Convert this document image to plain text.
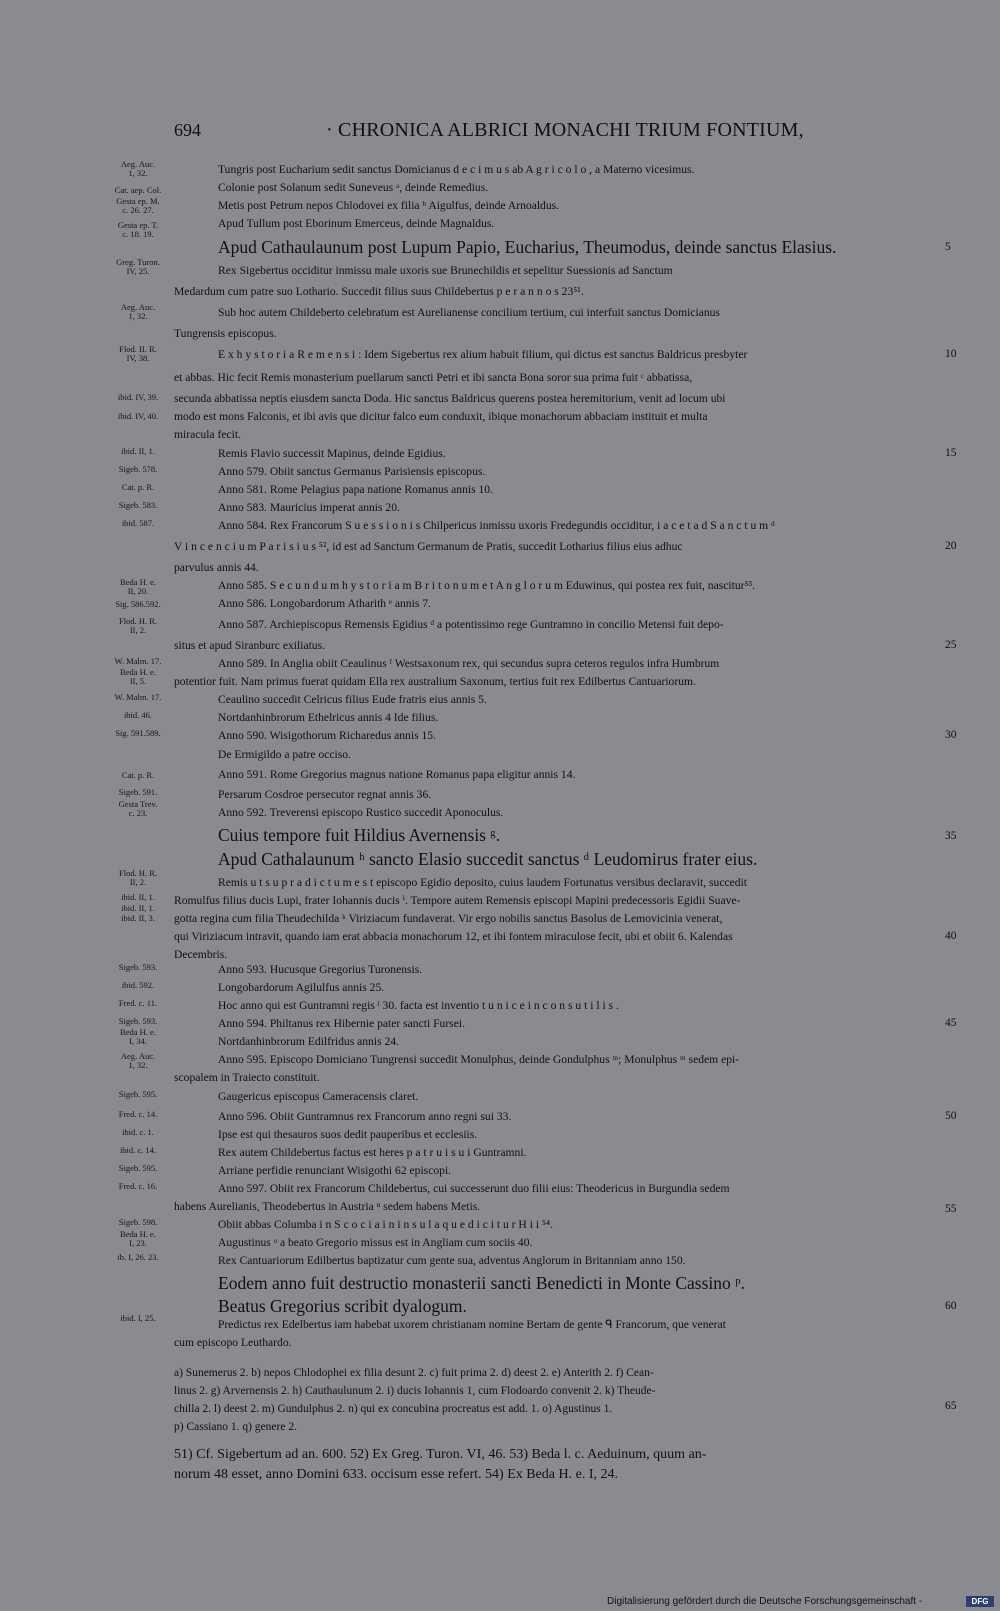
694	· CHRONICA ALBRICI MONACHI TRIUM FONTIUM,
Aeg. Auc.
1, 32.
Cat. aep. Col.
Gesta ep. M.
c. 26. 27.
Gesta ep. T.
c. 18. 19.
Greg. Turon.
IV, 25.
Aeg. Auc.
1, 32.
Flod. II. R.
IV, 38.
ibid. IV, 39.
ibid. IV, 40.
ibid. II, 1.
Sigeb. 578.
Cat. p. R.
Sigeb. 583.
ibid. 587.
Beda H. e.
II, 20.
Sig. 586.592.
Flod. H. R.
II, 2.
W. Malm. 17.
Beda H. e.
II, 5.
W. Malm. 17.
ibid. 46.
Sig. 591.589.
Cat. p. R.
Sigeb. 591.
Gesta Trev.
c. 23.
Flod. H. R.
II, 2.
ibid. II, 1.
ibid. II, 1.
ibid. II, 3.
Sigeb. 593.
ibid. 592.
Fred. c. 11.
Sigeb. 593.
Beda H. e.
I, 34.
Aeg. Auc.
1, 32.
Sigeb. 595.
Fred. c. 14.
ibid. c. 1.
ibid. c. 14.
Sigeb. 595.
Fred. c. 16.
Sigeb. 598.
Beda H. e.
I, 23.
ib. I, 26. 23.
ibid. I, 25.
Tungris post Eucharium sedit sanctus Domicianus d e c i m u s ab A g r i c o l o , a Materno vicesimus.
Colonie post Solanum sedit Suneveus ᵃ, deinde Remedius.
Metis post Petrum nepos Chlodovei ex filia ᵇ Aigulfus, deinde Arnoaldus.
Apud Tullum post Eborinum Emerceus, deinde Magnaldus.
Apud Cathaulaunum post Lupum Papio, Eucharius, Theumodus, deinde sanctus Elasius.
Rex Sigebertus occiditur inmissu male uxoris sue Brunechildis et sepelitur Suessionis ad Sanctum
Medardum cum patre suo Lothario. Succedit filius suus Childebertus p e r a n n o s 23⁵¹.
Sub hoc autem Childeberto celebratum est Aurelianense concilium tertium, cui interfuit sanctus Domicianus
Tungrensis episcopus.
E x h y s t o r i a R e m e n s i : Idem Sigebertus rex alium habuit filium, qui dictus est sanctus Baldricus presbyter
et abbas. Hic fecit Remis monasterium puellarum sancti Petri et ibi sancta Bona soror sua prima fuit ᶜ abbatissa,
secunda abbatissa neptis eiusdem sancta Doda. Hic sanctus Baldricus querens postea heremitorium, venit ad locum ubi
modo est mons Falconis, et ibi avis que dicitur falco eum conduxit, ibique monachorum abbaciam instituit et multa
miracula fecit.
Remis Flavio successit Mapinus, deinde Egidius.
Anno 579. Obiit sanctus Germanus Parisiensis episcopus.
Anno 581. Rome Pelagius papa natione Romanus annis 10.
Anno 583. Mauricius imperat annis 20.
Anno 584. Rex Francorum S u e s s i o n i s Chilpericus inmissu uxoris Fredegundis occiditur, i a c e t a d S a n c t u m ᵈ
V i n c e n c i u m P a r i s i u s ⁵², id est ad Sanctum Germanum de Pratis, succedit Lotharius filius eius adhuc
parvulus annis 44.
Anno 585. S e c u n d u m h y s t o r i a m B r i t o n u m e t A n g l o r u m Eduwinus, qui postea rex fuit, nascitur⁵³.
Anno 586. Longobardorum Atharith ᵉ annis 7.
Anno 587. Archiepiscopus Remensis Egidius ᵈ a potentissimo rege Guntramno in concilio Metensi fuit depo-
situs et apud Siranburc exiliatus.
Anno 589. In Anglia obiit Ceaulinus ᶠ Westsaxonum rex, qui secundus supra ceteros regulos infra Humbrum
potentior fuit. Nam primus fuerat quidam Ella rex australium Saxonum, tertius fuit rex Edilbertus Cantuariorum.
Ceaulino succedit Celricus filius Eude fratris eius annis 5.
Nortdanhinbrorum Ethelricus annis 4 Ide filius.
Anno 590. Wisigothorum Richaredus annis 15.
De Ermigildo a patre occiso.
Anno 591. Rome Gregorius magnus natione Romanus papa eligitur annis 14.
Persarum Cosdroe persecutor regnat annis 36.
Anno 592. Treverensi episcopo Rustico succedit Aponoculus.
Cuius tempore fuit Hildius Avernensis ᵍ.
Apud Cathalaunum ʰ sancto Elasio succedit sanctus ᵈ Leudomirus frater eius.
Remis u t s u p r a d i c t u m e s t episcopo Egidio deposito, cuius laudem Fortunatus versibus declaravit, succedit
Romulfus filius ducis Lupi, frater Iohannis ducis ⁱ. Tempore autem Remensis episcopi Mapini predecessoris Egidii Suave-
gotta regina cum filia Theudechilda ᵏ Viriziacum fundaverat. Vir ergo nobilis sanctus Basolus de Lemovicinia venerat,
qui Viriziacum intravit, quando iam erat abbacia monachorum 12, et ibi fontem miraculose fecit, ubi et obiit 6. Kalendas
Decembris.
Anno 593. Hucusque Gregorius Turonensis.
Longobardorum Agilulfus annis 25.
Hoc anno qui est Guntramni regis ˡ 30. facta est inventio t u n i c e i n c o n s u t i l i s .
Anno 594. Philtanus rex Hibernie pater sancti Fursei.
Nortdanhinbrorum Edilfridus annis 24.
Anno 595. Episcopo Domiciano Tungrensi succedit Monulphus, deinde Gondulphus ᵐ; Monulphus ᵐ sedem epi-
scopalem in Traiecto constituit.
Gaugericus episcopus Cameracensis claret.
Anno 596. Obiit Guntramnus rex Francorum anno regni sui 33.
Ipse est qui thesauros suos dedit pauperibus et ecclesiis.
Rex autem Childebertus factus est heres p a t r u i s u i Guntramni.
Arriane perfidie renunciant Wisigothi 62 episcopi.
Anno 597. Obiit rex Francorum Childebertus, cui successerunt duo filii eius: Theodericus in Burgundia sedem
habens Aurelianis, Theodebertus in Austria ⁿ sedem habens Metis.
Obiit abbas Columba i n S c o c i a i n i n s u l a q u e d i c i t u r H i i ⁵⁴.
Augustinus ᵒ a beato Gregorio missus est in Angliam cum sociis 40.
Rex Cantuariorum Edilbertus baptizatur cum gente sua, adventus Anglorum in Britanniam anno 150.
Eodem anno fuit destructio monasterii sancti Benedicti in Monte Cassino ᵖ.
Beatus Gregorius scribit dyalogum.
Predictus rex Edelbertus iam habebat uxorem christianam nomine Bertam de gente ᑫ Francorum, que venerat
cum episcopo Leuthardo.
a) Sunemerus 2. b) nepos Chlodophei ex filia desunt 2. c) fuit prima 2. d) deest 2. e) Anterith 2. f) Cean-
linus 2. g) Arvernensis 2. h) Cauthaulunum 2. i) ducis Iohannis 1, cum Flodoardo convenit 2. k) Theude-
chilla 2. l) deest 2. m) Gundulphus 2. n) qui ex concubina procreatus est add. 1. o) Agustinus 1.
p) Cassiano 1. q) genere 2.
51) Cf. Sigebertum ad an. 600. 52) Ex Greg. Turon. VI, 46. 53) Beda l. c. Aeduinum, quum an-
norum 48 esset, anno Domini 633. occisum esse refert. 54) Ex Beda H. e. I, 24.
5
10
15
20
25
30
35
40
45
50
55
60
65
Digitalisierung gefördert durch die Deutsche Forschungsgemeinschaft -	DFG
